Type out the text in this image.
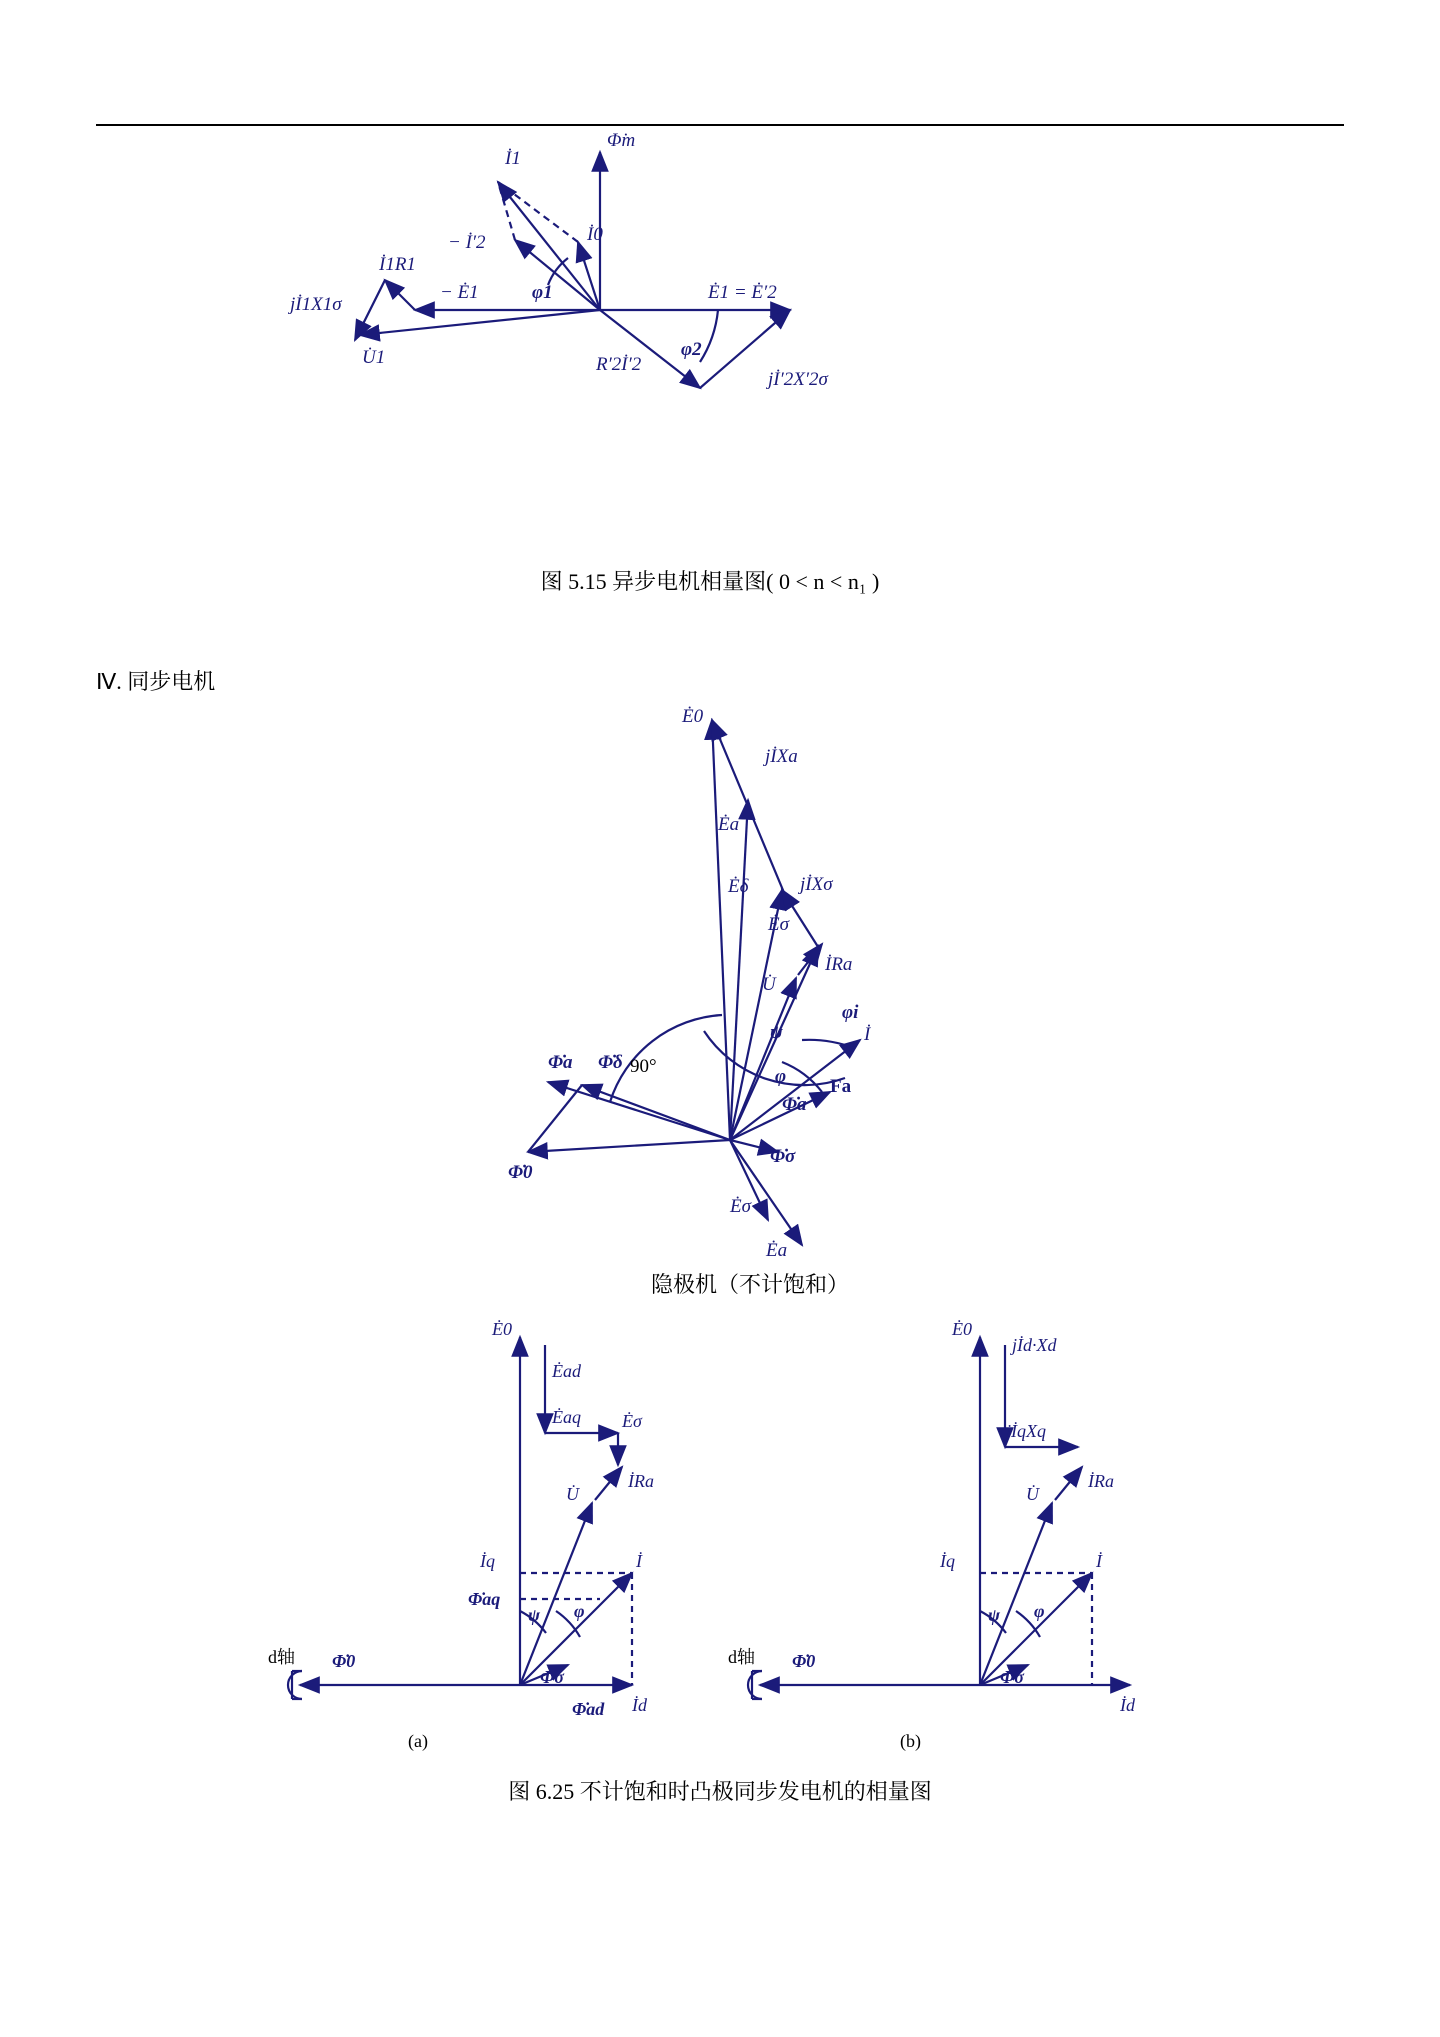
İ1
İ0
− İ′2
Φ̇m
φ1	Ė1 = Ė′2
− Ė1
İ1R1
jİ1X1σ
U̇1	R′2İ′2
φ2
jİ′2X′2σ
图 5.15 异步电机相量图( 0 < n < n₁ )
Ⅳ. 同步电机
Ė0
jİXa
Ėa
Ėδ	jİXσ
Ėσ
İRa
U̇
φi
ψ
φ
İ
Fa
Φ̇a
Φ̇a Φ̇δ
Φ̇0
Φ̇σ
Ėσ
Ėa
90°
隐极机（不计饱和）
Ė0
Ėad
Ėaq Ėσ
İRa
U̇
İq	İ
Φ̇aq
ψ φ
d轴 Φ̇0
Φ̇σ
Φ̇ad İd
(a)
Ė0
jİd·Xd
jİqXq
İRa
U̇
İq	İ
ψ φ
d轴 Φ̇0
Φ̇σ
İd
(b)
图 6.25 不计饱和时凸极同步发电机的相量图
